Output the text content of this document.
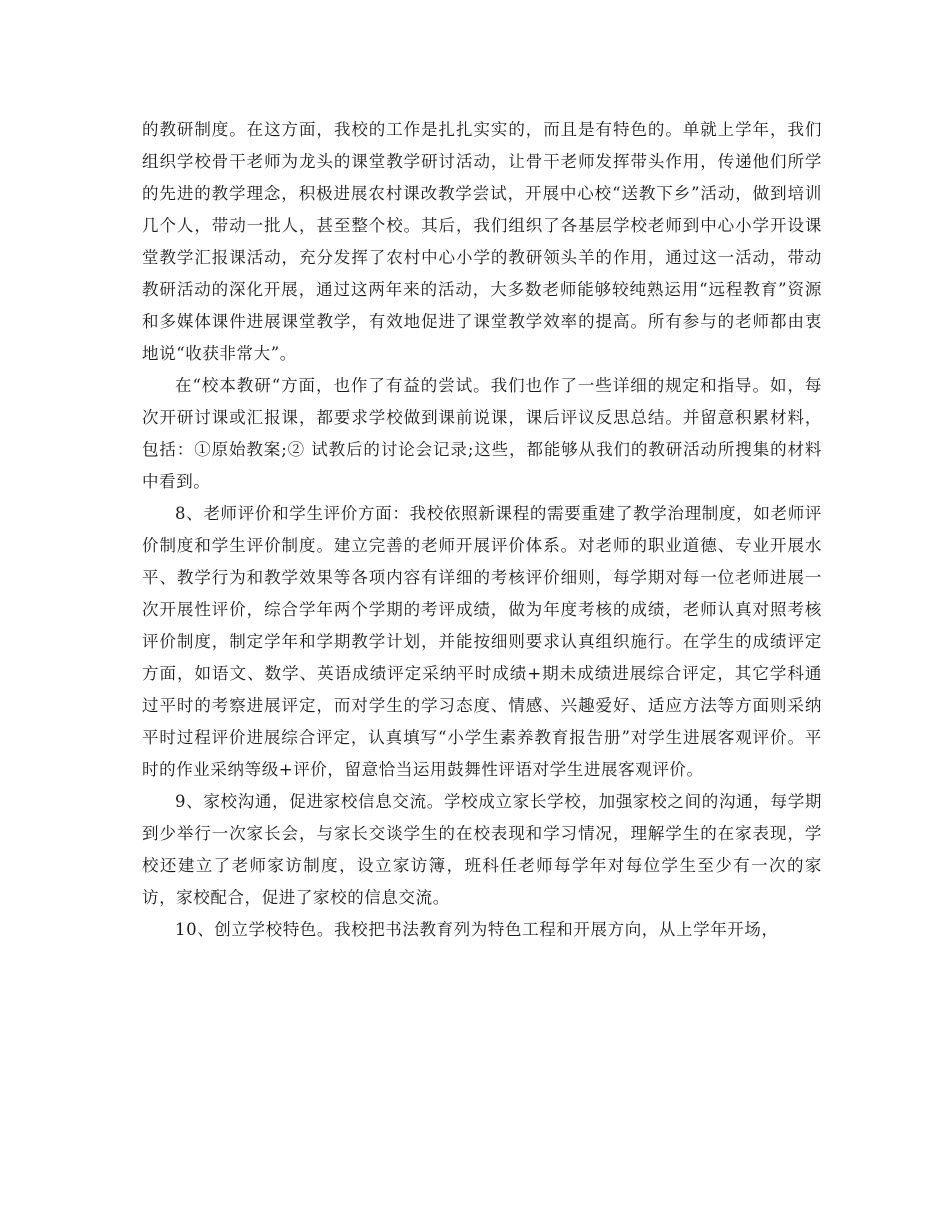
的教研制度。在这方面，我校的工作是扎扎实实的，而且是有特色的。单就上学年，我们组织学校骨干老师为龙头的课堂教学研讨活动，让骨干老师发挥带头作用，传递他们所学的先进的教学理念，积极进展农村课改教学尝试，开展中心校“送教下乡”活动，做到培训几个人，带动一批人，甚至整个校。其后，我们组织了各基层学校老师到中心小学开设课堂教学汇报课活动，充分发挥了农村中心小学的教研领头羊的作用，通过这一活动，带动教研活动的深化开展，通过这两年来的活动，大多数老师能够较纯熟运用“远程教育”资源和多媒体课件进展课堂教学，有效地促进了课堂教学效率的提高。所有参与的老师都由衷地说“收获非常大”。

在“校本教研“方面，也作了有益的尝试。我们也作了一些详细的规定和指导。如，每次开研讨课或汇报课，都要求学校做到课前说课，课后评议反思总结。并留意积累材料，包括：①原始教案;② 试教后的讨论会记录;这些，都能够从我们的教研活动所搜集的材料中看到。

8、老师评价和学生评价方面：我校依照新课程的需要重建了教学治理制度，如老师评价制度和学生评价制度。建立完善的老师开展评价体系。对老师的职业道德、专业开展水平、教学行为和教学效果等各项内容有详细的考核评价细则，每学期对每一位老师进展一次开展性评价，综合学年两个学期的考评成绩，做为年度考核的成绩，老师认真对照考核评价制度，制定学年和学期教学计划，并能按细则要求认真组织施行。在学生的成绩评定方面，如语文、数学、英语成绩评定采纳平时成绩+期未成绩进展综合评定，其它学科通过平时的考察进展评定，而对学生的学习态度、情感、兴趣爱好、适应方法等方面则采纳平时过程评价进展综合评定，认真填写“小学生素养教育报告册”对学生进展客观评价。平时的作业采纳等级+评价，留意恰当运用鼓舞性评语对学生进展客观评价。

9、家校沟通，促进家校信息交流。学校成立家长学校，加强家校之间的沟通，每学期到少举行一次家长会，与家长交谈学生的在校表现和学习情况，理解学生的在家表现，学校还建立了老师家访制度，设立家访簿，班科任老师每学年对每位学生至少有一次的家访，家校配合，促进了家校的信息交流。

10、创立学校特色。我校把书法教育列为特色工程和开展方向，从上学年开场，
